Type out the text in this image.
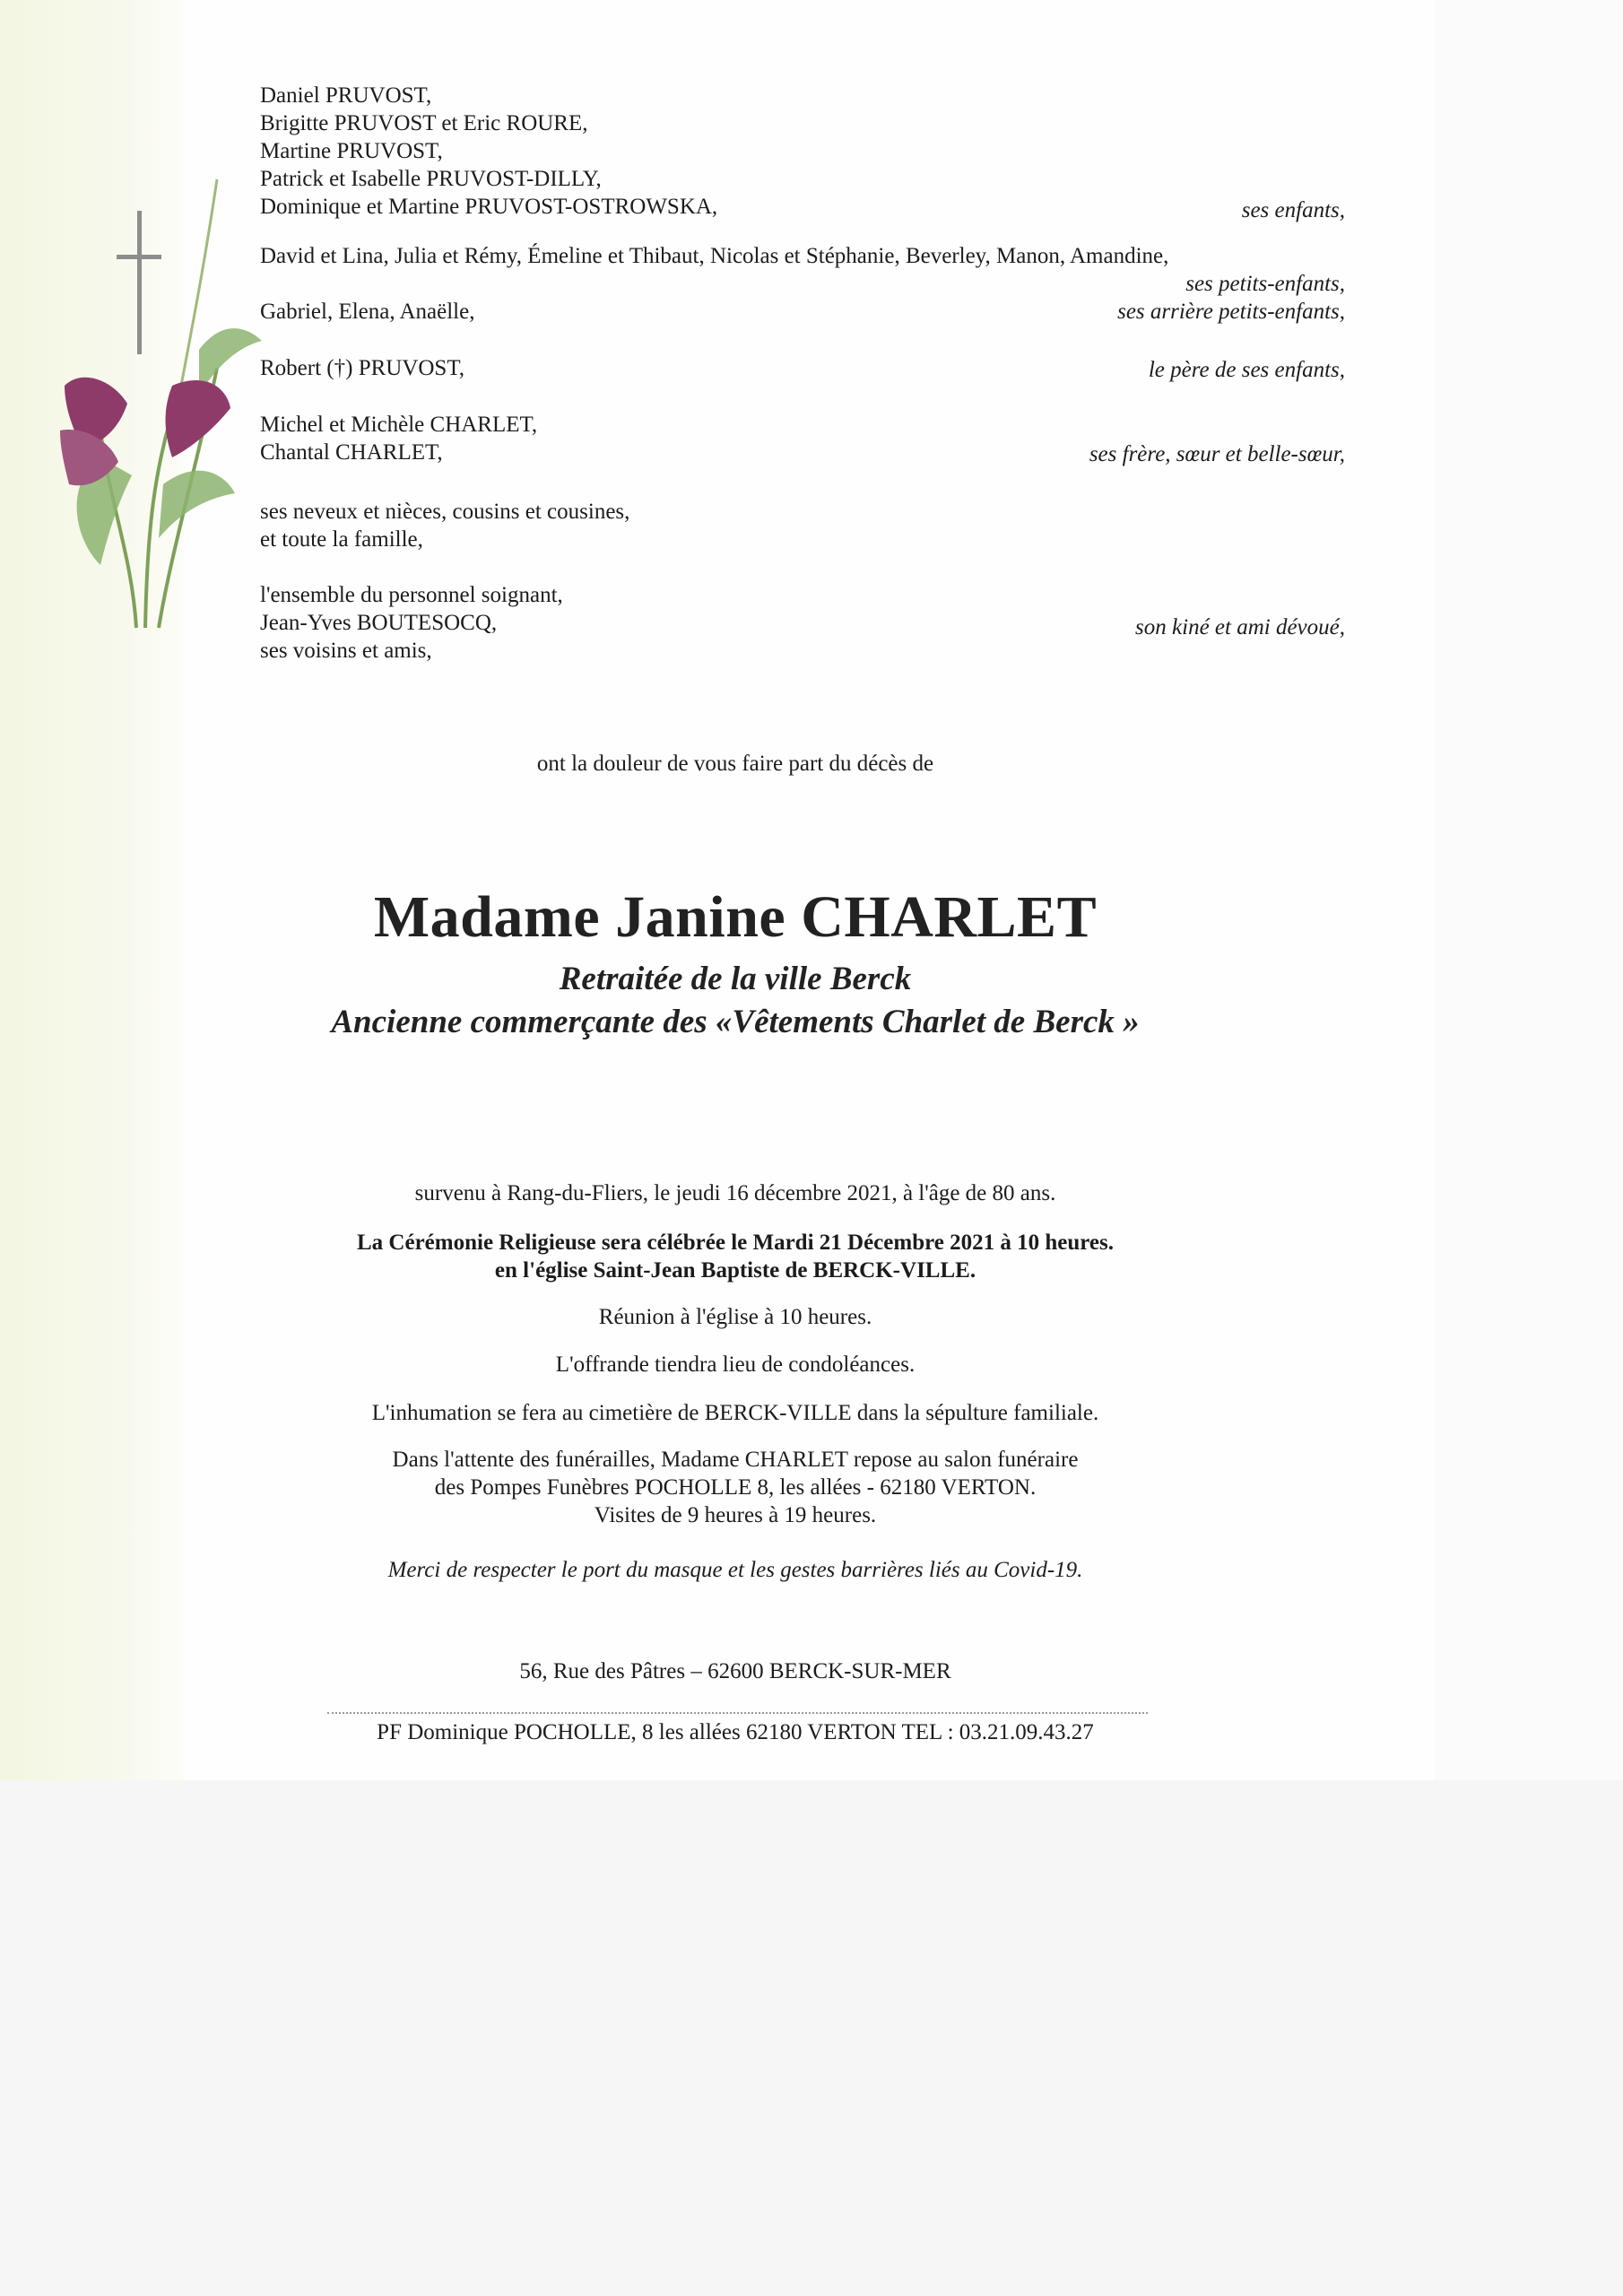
Daniel PRUVOST,
Brigitte PRUVOST et Eric ROURE,
Martine PRUVOST,
Patrick et Isabelle PRUVOST-DILLY,
Dominique et Martine PRUVOST-OSTROWSKA,	ses enfants,
David et Lina, Julia et Rémy, Émeline et Thibaut, Nicolas et Stéphanie, Beverley, Manon, Amandine,
ses petits-enfants,
Gabriel, Elena, Anaëlle,	ses arrière petits-enfants,
Robert (†) PRUVOST,	le père de ses enfants,
Michel et Michèle CHARLET,
Chantal CHARLET,	ses frère, sœur et belle-sœur,
ses neveux et nièces, cousins et cousines,
et toute la famille,
l'ensemble du personnel soignant,
Jean-Yves BOUTESOCQ,
ses voisins et amis,
son kiné et ami dévoué,
ont la douleur de vous faire part du décès de
Madame Janine CHARLET
Retraitée de la ville Berck
Ancienne commerçante des «Vêtements Charlet de Berck »
survenu à Rang-du-Fliers, le jeudi 16 décembre 2021, à l'âge de 80 ans.
La Cérémonie Religieuse sera célébrée le Mardi 21 Décembre 2021 à 10 heures.
en l'église Saint-Jean Baptiste de BERCK-VILLE.
Réunion à l'église à 10 heures.
L'offrande tiendra lieu de condoléances.
L'inhumation se fera au cimetière de BERCK-VILLE dans la sépulture familiale.
Dans l'attente des funérailles, Madame CHARLET repose au salon funéraire
des Pompes Funèbres POCHOLLE 8, les allées - 62180 VERTON.
Visites de 9 heures à 19 heures.
Merci de respecter le port du masque et les gestes barrières liés au Covid-19.
56, Rue des Pâtres – 62600 BERCK-SUR-MER
PF Dominique POCHOLLE, 8 les allées 62180 VERTON TEL : 03.21.09.43.27
